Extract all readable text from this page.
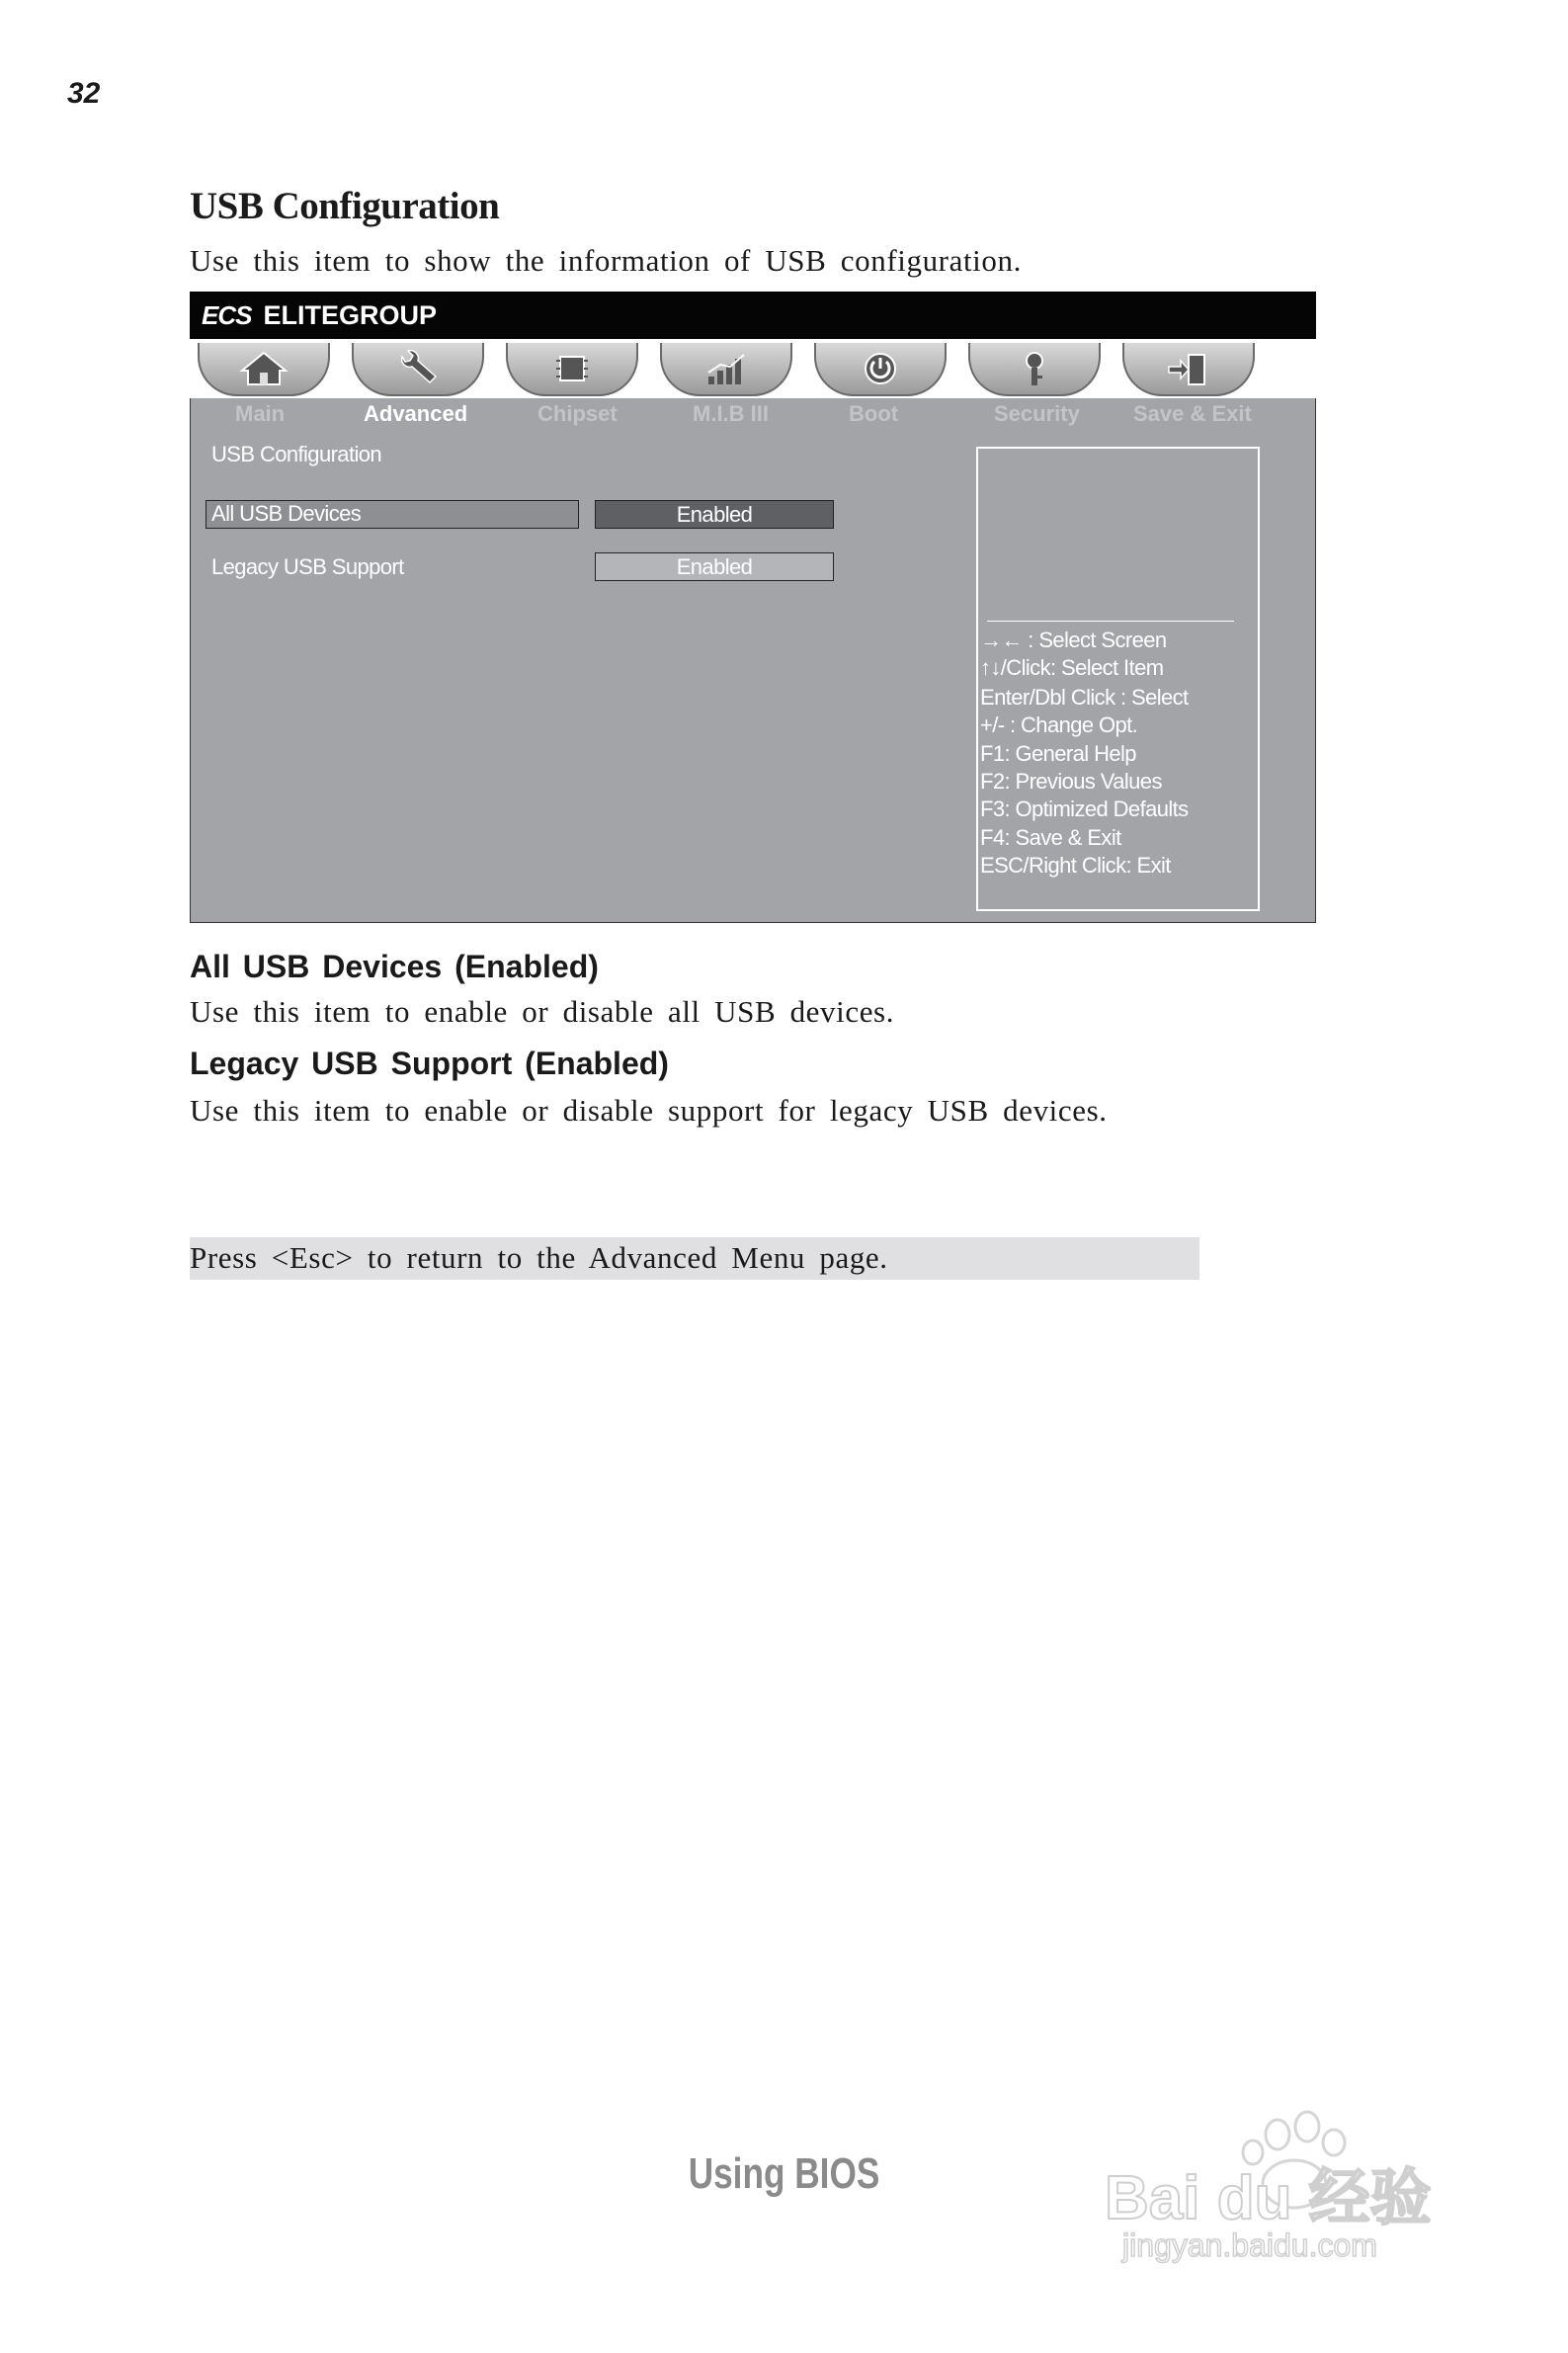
32
USB Configuration
Use this item to show the information of USB configuration.
ECS ELITEGROUP
Main	Advanced	Chipset	M.I.B III	Boot	Security Save & Exit
USB Configuration
All USB Devices	Enabled
Legacy USB Support	Enabled
→← : Select Screen
↑↓/Click: Select Item
Enter/Dbl Click : Select
+/- : Change Opt.
F1: General Help
F2: Previous Values
F3: Optimized Defaults
F4: Save & Exit
ESC/Right Click: Exit
All USB Devices (Enabled)
Use this item to enable or disable all USB devices.
Legacy USB Support (Enabled)
Use this item to enable or disable support for legacy USB devices.
Press <Esc> to return to the Advanced Menu page.
Using BIOS	Bai du 经验
jingyan.baidu.com
